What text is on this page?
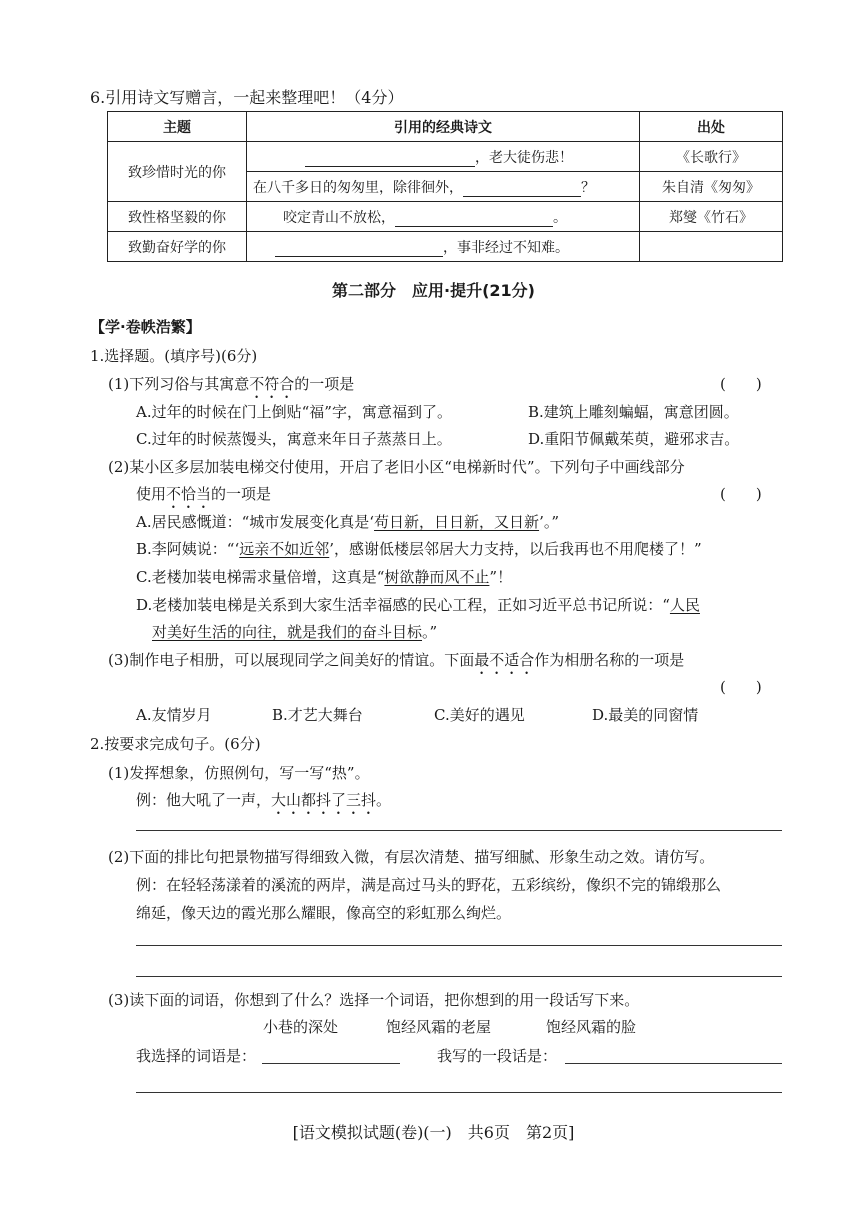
6.引用诗文写赠言，一起来整理吧！（4分）
主题	引用的经典诗文	出处
致珍惜时光的你	，老大徒伤悲！	《长歌行》
	在八千多日的匆匆里，除徘徊外， ？	朱自清《匆匆》
致性格坚毅的你	咬定青山不放松， 。	郑燮《竹石》
致勤奋好学的你	，事非经过不知难。	
第二部分　应用·提升(21分)
【学·卷帙浩繁】
1.选择题。(填序号)(6分)
(1)下列习俗与其寓意不符合的一项是	(　　)
A.过年的时候在门上倒贴“福”字，寓意福到了。	B.建筑上雕刻蝙蝠，寓意团圆。
C.过年的时候蒸馒头，寓意来年日子蒸蒸日上。	D.重阳节佩戴茱萸，避邪求吉。
(2)某小区多层加装电梯交付使用，开启了老旧小区“电梯新时代”。下列句子中画线部分
使用不恰当的一项是	(　　)
A.居民感慨道：“城市发展变化真是‘苟日新，日日新，又日新’。”
B.李阿姨说：“‘远亲不如近邻’，感谢低楼层邻居大力支持，以后我再也不用爬楼了！”
C.老楼加装电梯需求量倍增，这真是“树欲静而风不止”！
D.老楼加装电梯是关系到大家生活幸福感的民心工程，正如习近平总书记所说：“人民
对美好生活的向往，就是我们的奋斗目标。”
(3)制作电子相册，可以展现同学之间美好的情谊。下面最不适合作为相册名称的一项是
(　　)
A.友情岁月	B.才艺大舞台	C.美好的遇见	D.最美的同窗情
2.按要求完成句子。(6分)
(1)发挥想象，仿照例句，写一写“热”。
例：他大吼了一声，大山都抖了三抖。
(2)下面的排比句把景物描写得细致入微，有层次清楚、描写细腻、形象生动之效。请仿写。
例：在轻轻荡漾着的溪流的两岸，满是高过马头的野花，五彩缤纷，像织不完的锦缎那么
绵延，像天边的霞光那么耀眼，像高空的彩虹那么绚烂。
(3)读下面的词语，你想到了什么？选择一个词语，把你想到的用一段话写下来。
小巷的深处	饱经风霜的老屋	饱经风霜的脸
我选择的词语是：	我写的一段话是：
[语文模拟试题(卷)(一)　共6页　第2页]
